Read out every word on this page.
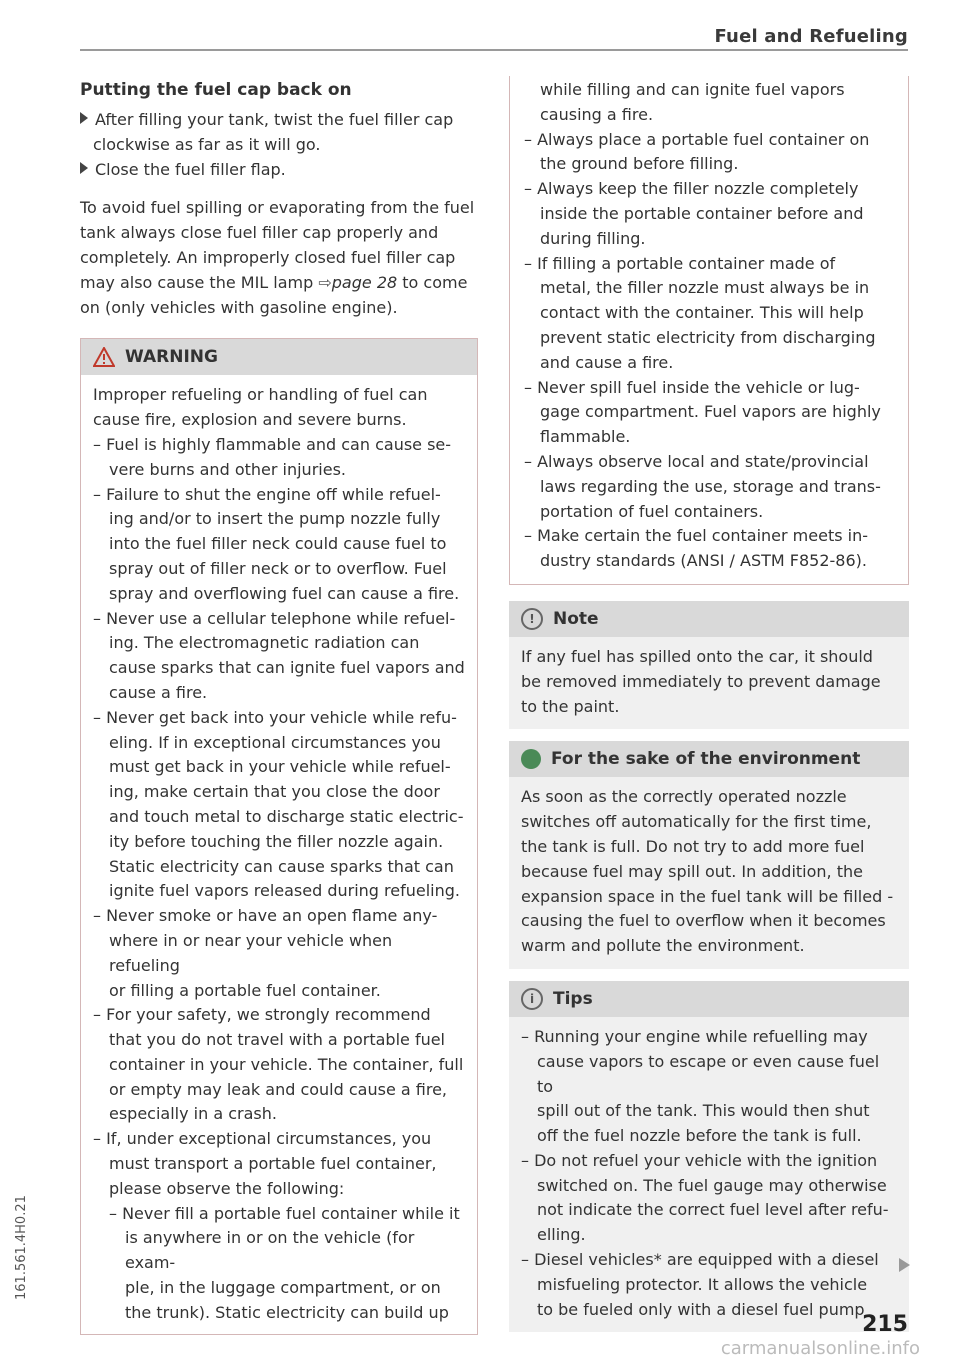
Fuel and Refueling
161.561.4H0.21
Putting the fuel cap back on
After filling your tank, twist the fuel filler cap
clockwise as far as it will go.
Close the fuel filler flap.
To avoid fuel spilling or evaporating from the fuel
tank always close fuel filler cap properly and
completely. An improperly closed fuel filler cap
may also cause the MIL lamp ⇨page 28 to come
on (only vehicles with gasoline engine).
WARNING
Improper refueling or handling of fuel can
cause fire, explosion and severe burns.
– Fuel is highly flammable and can cause se-
vere burns and other injuries.
– Failure to shut the engine off while refuel-
ing and/or to insert the pump nozzle fully
into the fuel filler neck could cause fuel to
spray out of filler neck or to overflow. Fuel
spray and overflowing fuel can cause a fire.
– Never use a cellular telephone while refuel-
ing. The electromagnetic radiation can
cause sparks that can ignite fuel vapors and
cause a fire.
– Never get back into your vehicle while refu-
eling. If in exceptional circumstances you
must get back in your vehicle while refuel-
ing, make certain that you close the door
and touch metal to discharge static electric-
ity before touching the filler nozzle again.
Static electricity can cause sparks that can
ignite fuel vapors released during refueling.
– Never smoke or have an open flame any-
where in or near your vehicle when refueling
or filling a portable fuel container.
– For your safety, we strongly recommend
that you do not travel with a portable fuel
container in your vehicle. The container, full
or empty may leak and could cause a fire,
especially in a crash.
– If, under exceptional circumstances, you
must transport a portable fuel container,
please observe the following:
– Never fill a portable fuel container while it
is anywhere in or on the vehicle (for exam-
ple, in the luggage compartment, or on
the trunk). Static electricity can build up
while filling and can ignite fuel vapors
causing a fire.
– Always place a portable fuel container on
the ground before filling.
– Always keep the filler nozzle completely
inside the portable container before and
during filling.
– If filling a portable container made of
metal, the filler nozzle must always be in
contact with the container. This will help
prevent static electricity from discharging
and cause a fire.
– Never spill fuel inside the vehicle or lug-
gage compartment. Fuel vapors are highly
flammable.
– Always observe local and state/provincial
laws regarding the use, storage and trans-
portation of fuel containers.
– Make certain the fuel container meets in-
dustry standards (ANSI / ASTM F852-86).
!	Note
If any fuel has spilled onto the car, it should
be removed immediately to prevent damage
to the paint.
For the sake of the environment
As soon as the correctly operated nozzle
switches off automatically for the first time,
the tank is full. Do not try to add more fuel
because fuel may spill out. In addition, the
expansion space in the fuel tank will be filled -
causing the fuel to overflow when it becomes
warm and pollute the environment.
i	Tips
– Running your engine while refuelling may
cause vapors to escape or even cause fuel to
spill out of the tank. This would then shut
off the fuel nozzle before the tank is full.
– Do not refuel your vehicle with the ignition
switched on. The fuel gauge may otherwise
not indicate the correct fuel level after refu-
elling.
– Diesel vehicles* are equipped with a diesel
misfueling protector. It allows the vehicle
to be fueled only with a diesel fuel pump
215
carmanualsonline.info
